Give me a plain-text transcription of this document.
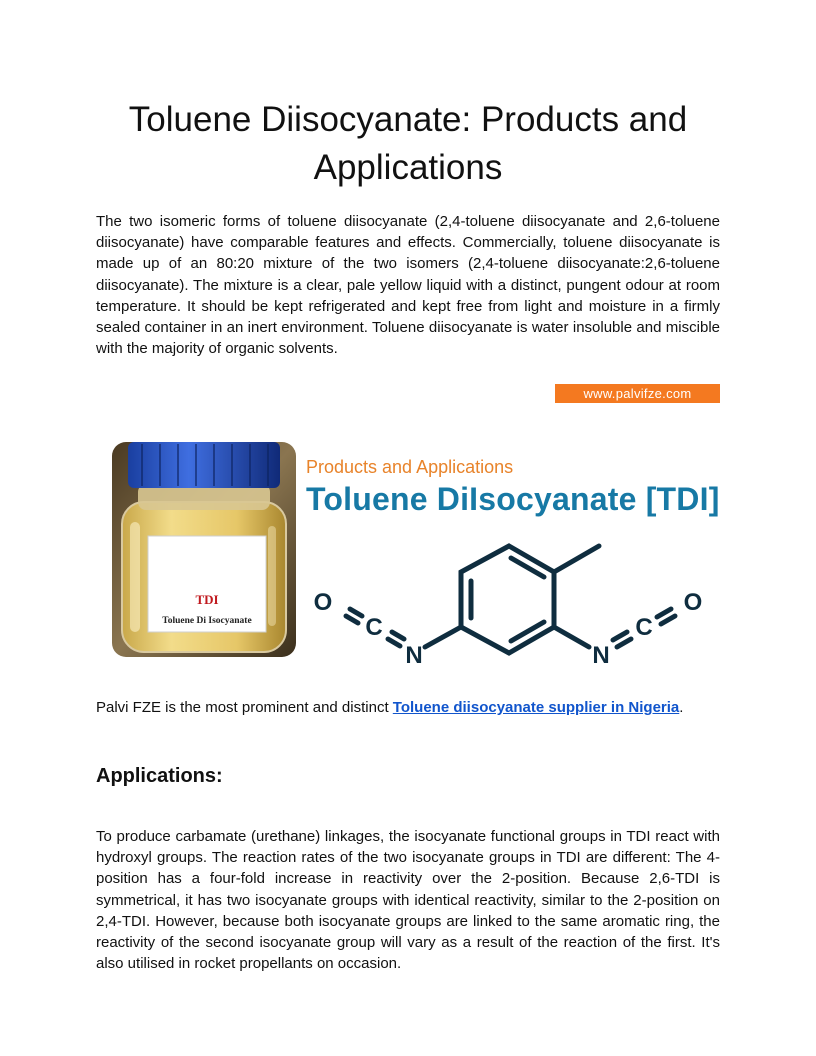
Toluene Diisocyanate: Products and Applications

The two isomeric forms of toluene diisocyanate (2,4-toluene diisocyanate and 2,6-toluene diisocyanate) have comparable features and effects. Commercially, toluene diisocyanate is made up of an 80:20 mixture of the two isomers (2,4-toluene diisocyanate:2,6-toluene diisocyanate). The mixture is a clear, pale yellow liquid with a distinct, pungent odour at room temperature. It should be kept refrigerated and kept free from light and moisture in a firmly sealed container in an inert environment. Toluene diisocyanate is water insoluble and miscible with the majority of organic solvents.

www.palvifze.com
TDI
Toluene Di Isocyanate
Products and Applications
Toluene DiIsocyanate [TDI]
O
C
N	N
C
O

Palvi FZE is the most prominent and distinct Toluene diisocyanate supplier in Nigeria.

Applications:

To produce carbamate (urethane) linkages, the isocyanate functional groups in TDI react with hydroxyl groups. The reaction rates of the two isocyanate groups in TDI are different: The 4-position has a four-fold increase in reactivity over the 2-position. Because 2,6-TDI is symmetrical, it has two isocyanate groups with identical reactivity, similar to the 2-position on 2,4-TDI. However, because both isocyanate groups are linked to the same aromatic ring, the reactivity of the second isocyanate group will vary as a result of the reaction of the first. It's also utilised in rocket propellants on occasion.
